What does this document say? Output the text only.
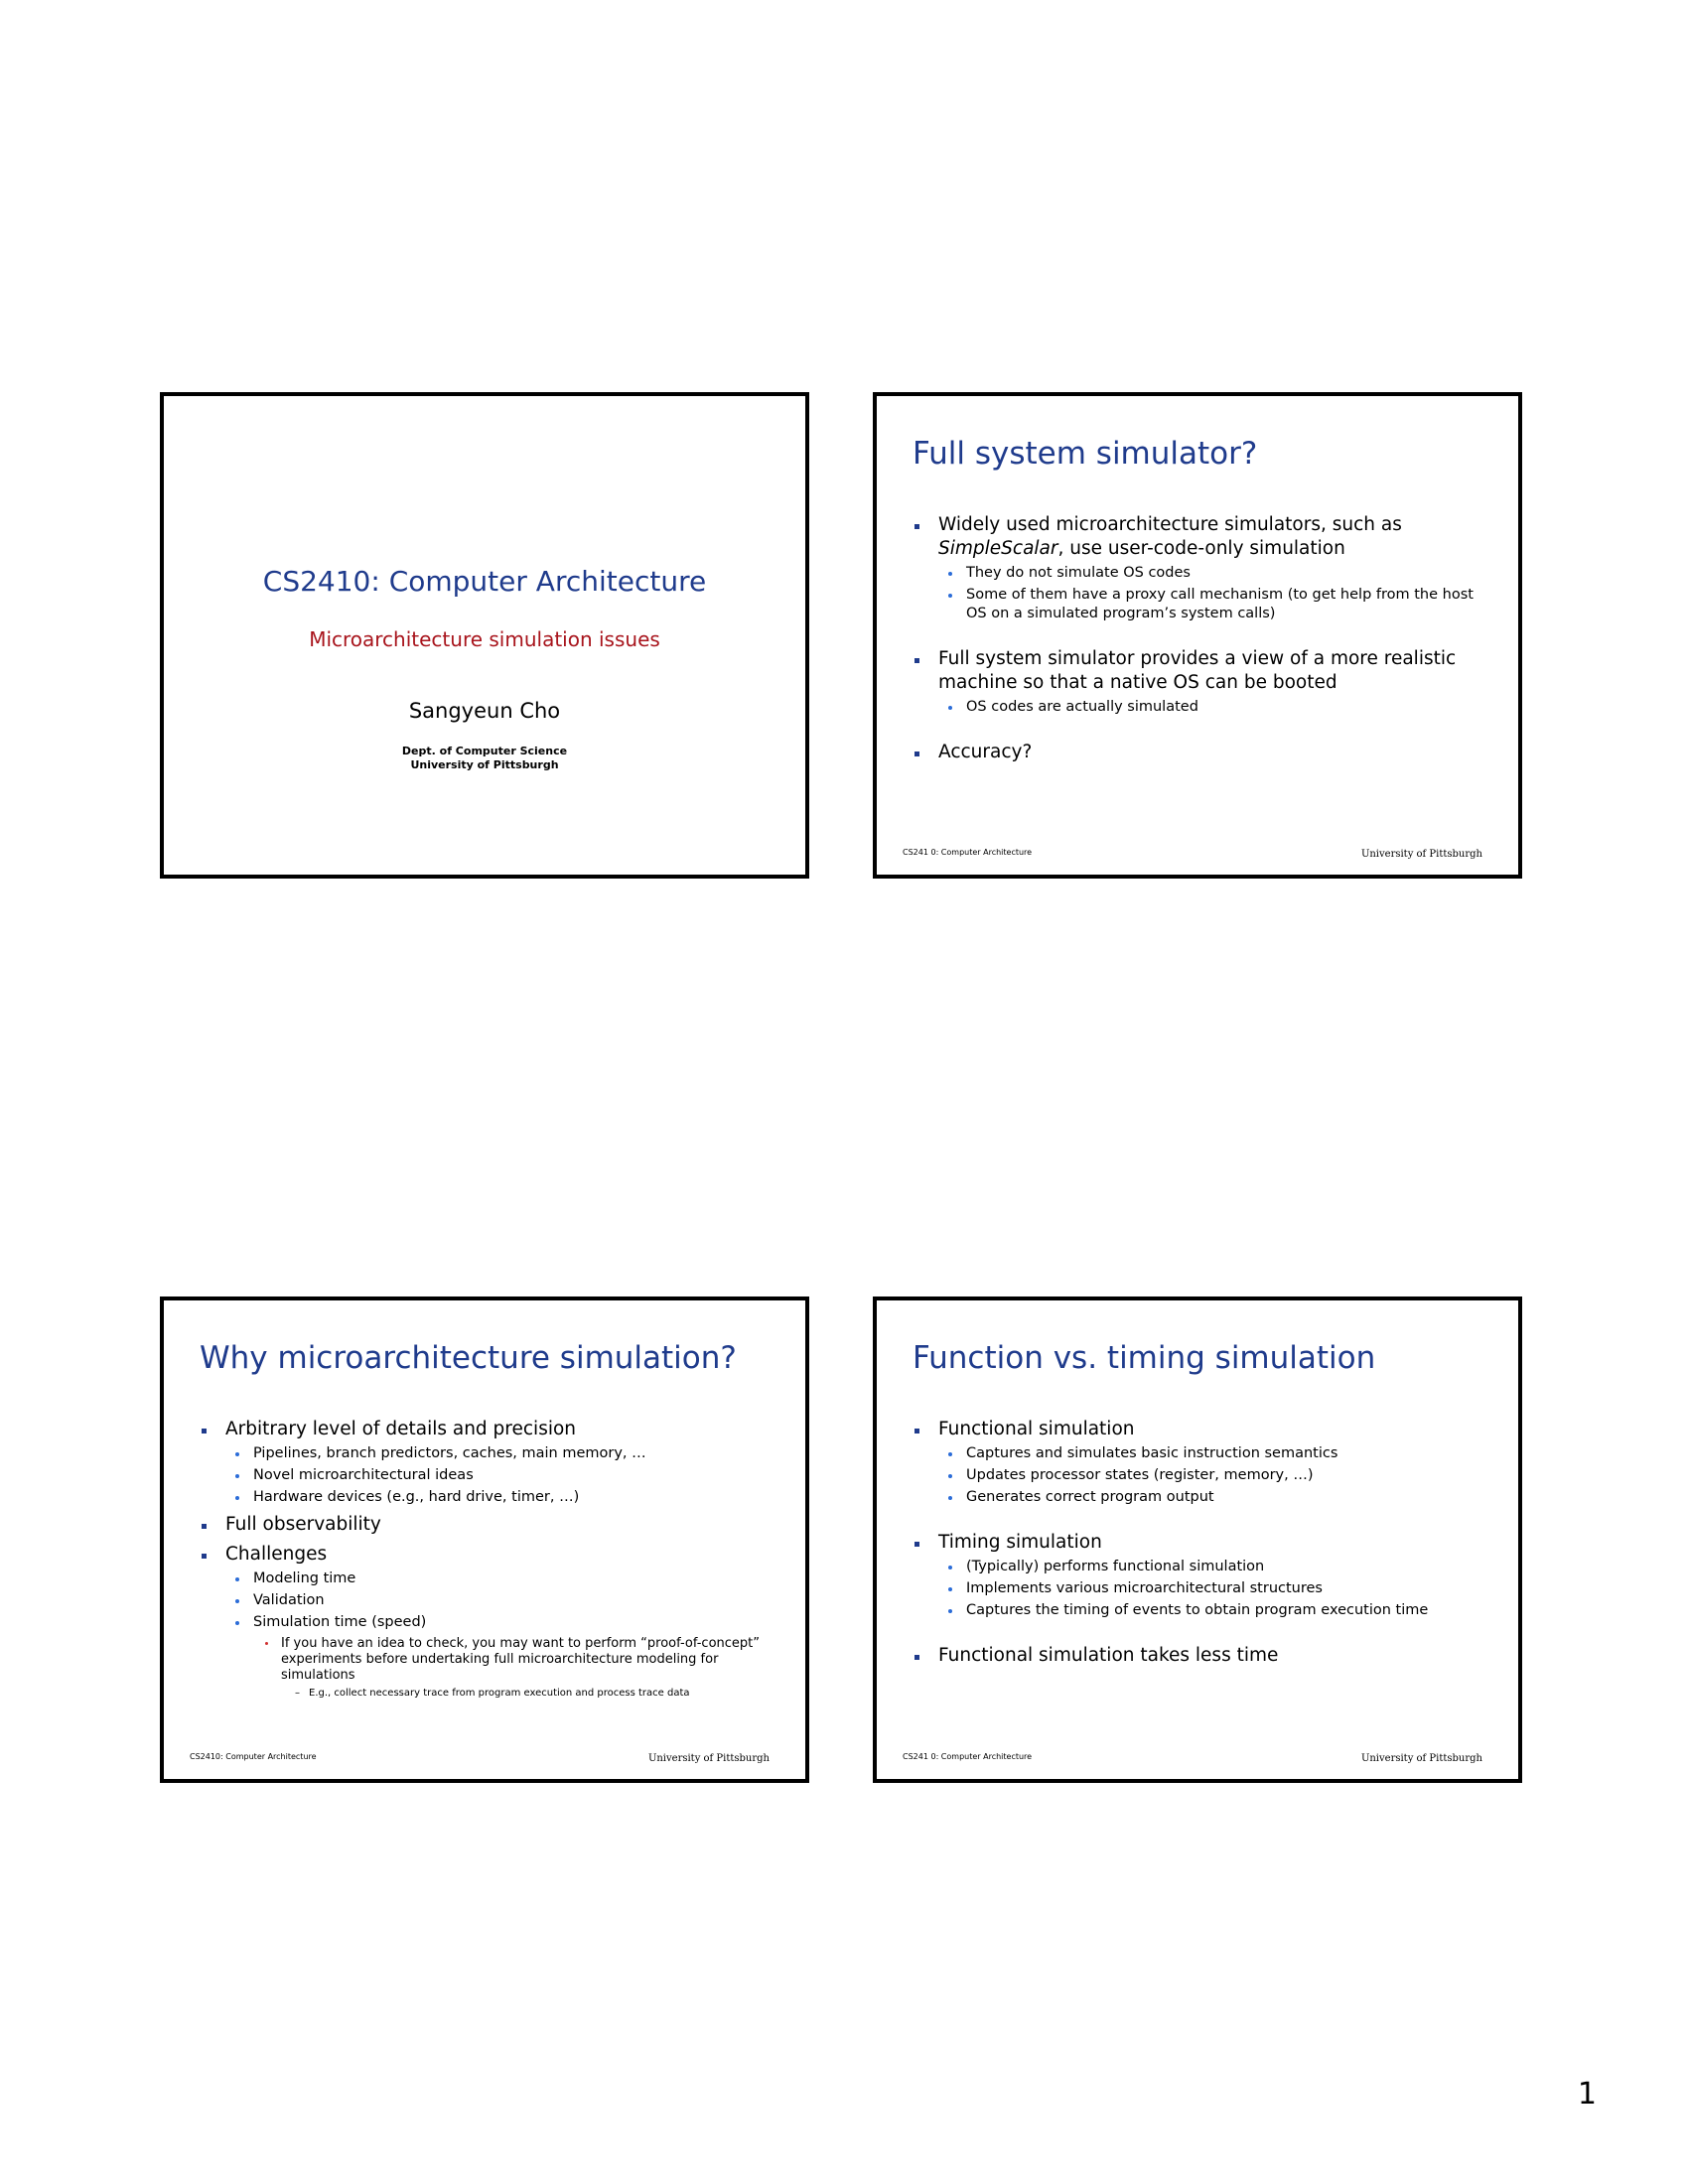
CS2410: Computer Architecture
Microarchitecture simulation issues
Sangyeun Cho
Dept. of Computer Science
University of Pittsburgh
Full system simulator?
Widely used microarchitecture simulators, such as
SimpleScalar, use user-code-only simulation
They do not simulate OS codes
Some of them have a proxy call mechanism (to get help from the host OS on a simulated program’s system calls)
Full system simulator provides a view of a more realistic machine so that a native OS can be booted
OS codes are actually simulated
Accuracy?
CS241 0: Computer Architecture	University of Pittsburgh
Why microarchitecture simulation?
Arbitrary level of details and precision
Pipelines, branch predictors, caches, main memory, …
Novel microarchitectural ideas
Hardware devices (e.g., hard drive, timer, …)
Full observability
Challenges
Modeling time
Validation
Simulation time (speed)
If you have an idea to check, you may want to perform “proof-of-concept” experiments before undertaking full microarchitecture modeling for simulations
– E.g., collect necessary trace from program execution and process trace data
CS2410: Computer Architecture	University of Pittsburgh
Function vs. timing simulation
Functional simulation
Captures and simulates basic instruction semantics
Updates processor states (register, memory, …)
Generates correct program output
Timing simulation
(Typically) performs functional simulation
Implements various microarchitectural structures
Captures the timing of events to obtain program execution time
Functional simulation takes less time
CS241 0: Computer Architecture	University of Pittsburgh
1
